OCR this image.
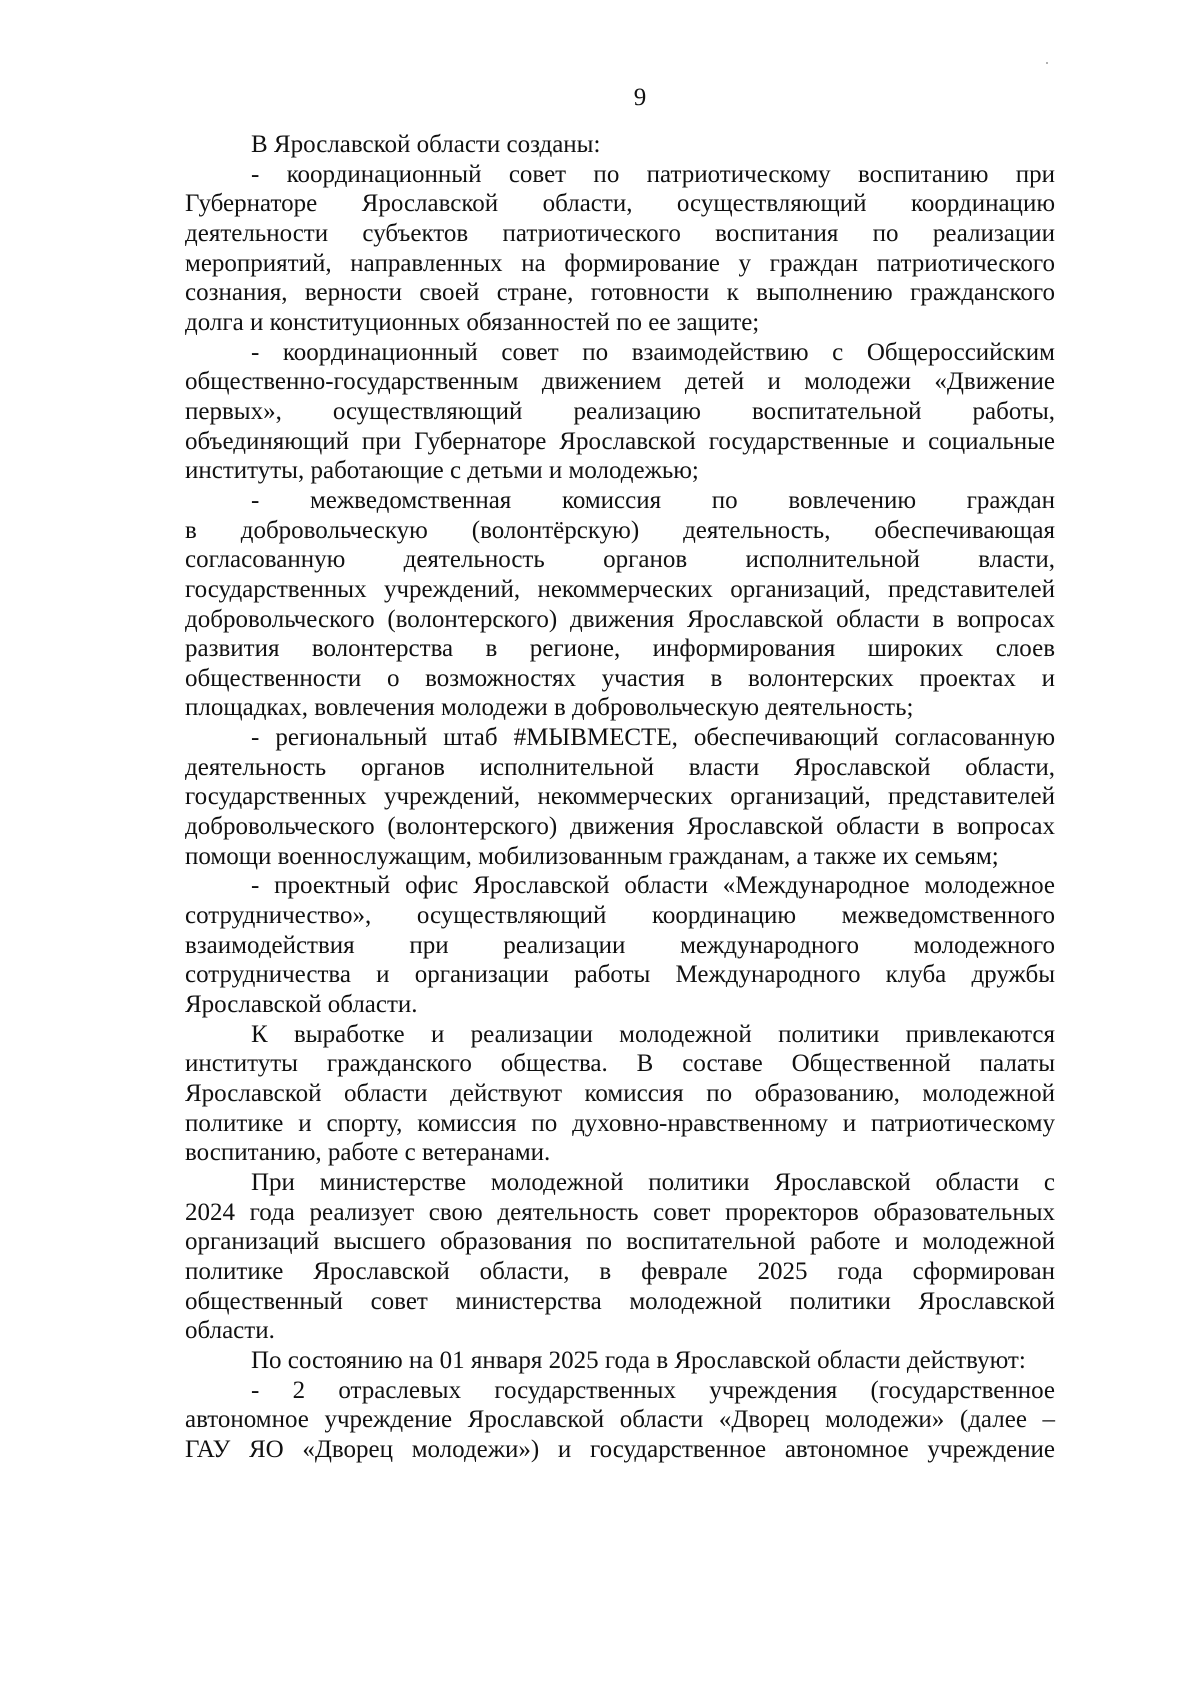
9
В Ярославской области созданы:
- координационный совет по патриотическому воспитанию при
Губернаторе Ярославской области, осуществляющий координацию
деятельности субъектов патриотического воспитания по реализации
мероприятий, направленных на формирование у граждан патриотического
сознания, верности своей стране, готовности к выполнению гражданского
долга и конституционных обязанностей по ее защите;
- координационный совет по взаимодействию с Общероссийским
общественно-государственным движением детей и молодежи «Движение
первых», осуществляющий реализацию воспитательной работы,
объединяющий при Губернаторе Ярославской государственные и социальные
институты, работающие с детьми и молодежью;
- межведомственная комиссия по вовлечению граждан
в добровольческую (волонтёрскую) деятельность, обеспечивающая
согласованную деятельность органов исполнительной власти,
государственных учреждений, некоммерческих организаций, представителей
добровольческого (волонтерского) движения Ярославской области в вопросах
развития волонтерства в регионе, информирования широких слоев
общественности о возможностях участия в волонтерских проектах и
площадках, вовлечения молодежи в добровольческую деятельность;
- региональный штаб #МЫВМЕСТЕ, обеспечивающий согласованную
деятельность органов исполнительной власти Ярославской области,
государственных учреждений, некоммерческих организаций, представителей
добровольческого (волонтерского) движения Ярославской области в вопросах
помощи военнослужащим, мобилизованным гражданам, а также их семьям;
- проектный офис Ярославской области «Международное молодежное
сотрудничество», осуществляющий координацию межведомственного
взаимодействия при реализации международного молодежного
сотрудничества и организации работы Международного клуба дружбы
Ярославской области.
К выработке и реализации молодежной политики привлекаются
институты гражданского общества. В составе Общественной палаты
Ярославской области действуют комиссия по образованию, молодежной
политике и спорту, комиссия по духовно-нравственному и патриотическому
воспитанию, работе с ветеранами.
При министерстве молодежной политики Ярославской области с
2024 года реализует свою деятельность совет проректоров образовательных
организаций высшего образования по воспитательной работе и молодежной
политике Ярославской области, в феврале 2025 года сформирован
общественный совет министерства молодежной политики Ярославской
области.
По состоянию на 01 января 2025 года в Ярославской области действуют:
- 2 отраслевых государственных учреждения (государственное
автономное учреждение Ярославской области «Дворец молодежи» (далее –
ГАУ ЯО «Дворец молодежи») и государственное автономное учреждение
